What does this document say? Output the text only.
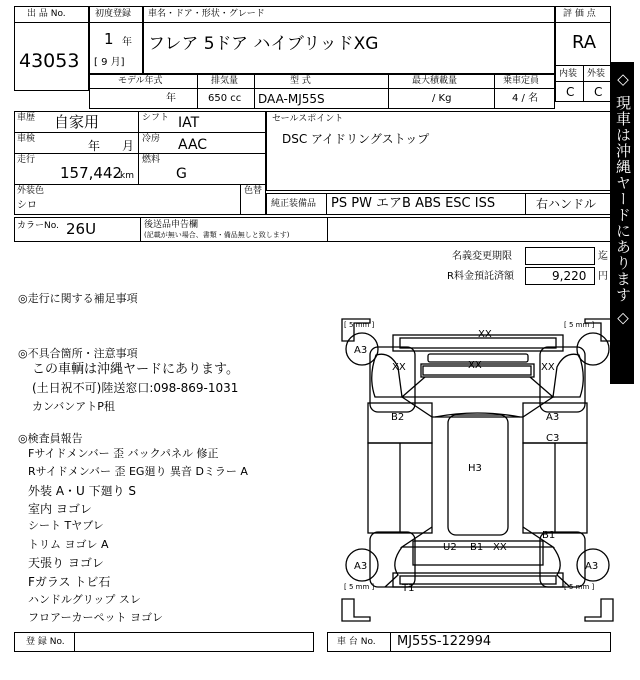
出 品 No.
43053
初度登録
1 年
[ 9 月]
車名・ドア・形状・グレード
フレア 5ドア ハイブリッドXG
評 価 点
RA
内装 外装
C C
モデル年式
年
排気量
650 cc
型 式
DAA-MJ55S
最大積載量
/ Kg
乗車定員
4 / 名
車歴 自家用
車検	年 月
走行
157,442
km
シフト IAT
冷房 AAC
燃料
G
外装色
シロ
色替
セールスポイント
DSC アイドリングストップ
純正装備品 PS PW エアB ABS ESC ISS	右ハンドル
カラーNo. 26U	後送品申告欄
(記載が無い場合、書類・備品無しと致します)
名義変更期限	迄
R料金預託済額	9,220 円
◎走行に関する補足事項
◎不具合箇所・注意事項
この車輌は沖縄ヤードにあります。
(土日祝不可)陸送窓口:098-869-1031
カンバンアトP租
◎検査員報告
Fサイドメンバー 歪 バックパネル 修正
Rサイドメンバー 歪 EG廻り 異音 Dミラー A
外装 A・U 下廻り S
室内 ヨゴレ
シート Tヤブレ
トリム ヨゴレ A
天張り ヨゴレ
Fガラス トビ石
ハンドルグリップ スレ
フロアーカーペット ヨゴレ
◇ 現車は沖縄ヤードにあります ◇
[ 5 mm ]	[ 5 mm ]
[ 5 mm ]	[ 5 mm ]
A3
XX
XX	XX	XX
B2	A3
C3
H3
B1
U2 B1 XX
A3	A3
T1
登 録 No.	車 台 No. MJ55S-122994
